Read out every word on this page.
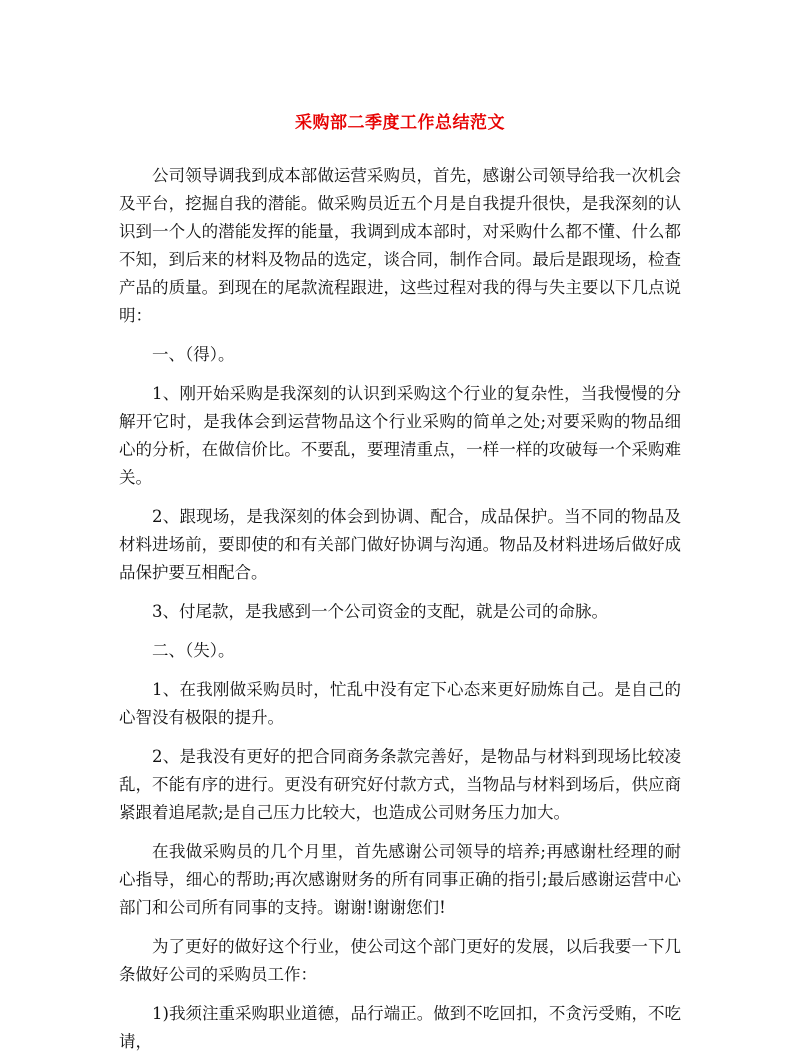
采购部二季度工作总结范文

公司领导调我到成本部做运营采购员，首先，感谢公司领导给我一次机会及平台，挖掘自我的潜能。做采购员近五个月是自我提升很快，是我深刻的认识到一个人的潜能发挥的能量，我调到成本部时，对采购什么都不懂、什么都不知，到后来的材料及物品的选定，谈合同，制作合同。最后是跟现场，检查产品的质量。到现在的尾款流程跟进，这些过程对我的得与失主要以下几点说明：

一、（得）。

1、刚开始采购是我深刻的认识到采购这个行业的复杂性，当我慢慢的分解开它时，是我体会到运营物品这个行业采购的简单之处;对要采购的物品细心的分析，在做信价比。不要乱，要理清重点，一样一样的攻破每一个采购难关。

2、跟现场，是我深刻的体会到协调、配合，成品保护。当不同的物品及材料进场前，要即使的和有关部门做好协调与沟通。物品及材料进场后做好成品保护要互相配合。

3、付尾款，是我感到一个公司资金的支配，就是公司的命脉。

二、（失）。

1、在我刚做采购员时，忙乱中没有定下心态来更好励炼自己。是自己的心智没有极限的提升。

2、是我没有更好的把合同商务条款完善好，是物品与材料到现场比较凌乱，不能有序的进行。更没有研究好付款方式，当物品与材料到场后，供应商紧跟着追尾款;是自己压力比较大，也造成公司财务压力加大。

在我做采购员的几个月里，首先感谢公司领导的培养;再感谢杜经理的耐心指导，细心的帮助;再次感谢财务的所有同事正确的指引;最后感谢运营中心部门和公司所有同事的支持。谢谢!谢谢您们!

为了更好的做好这个行业，使公司这个部门更好的发展，以后我要一下几条做好公司的采购员工作：

1)我须注重采购职业道德，品行端正。做到不吃回扣，不贪污受贿，不吃请，
